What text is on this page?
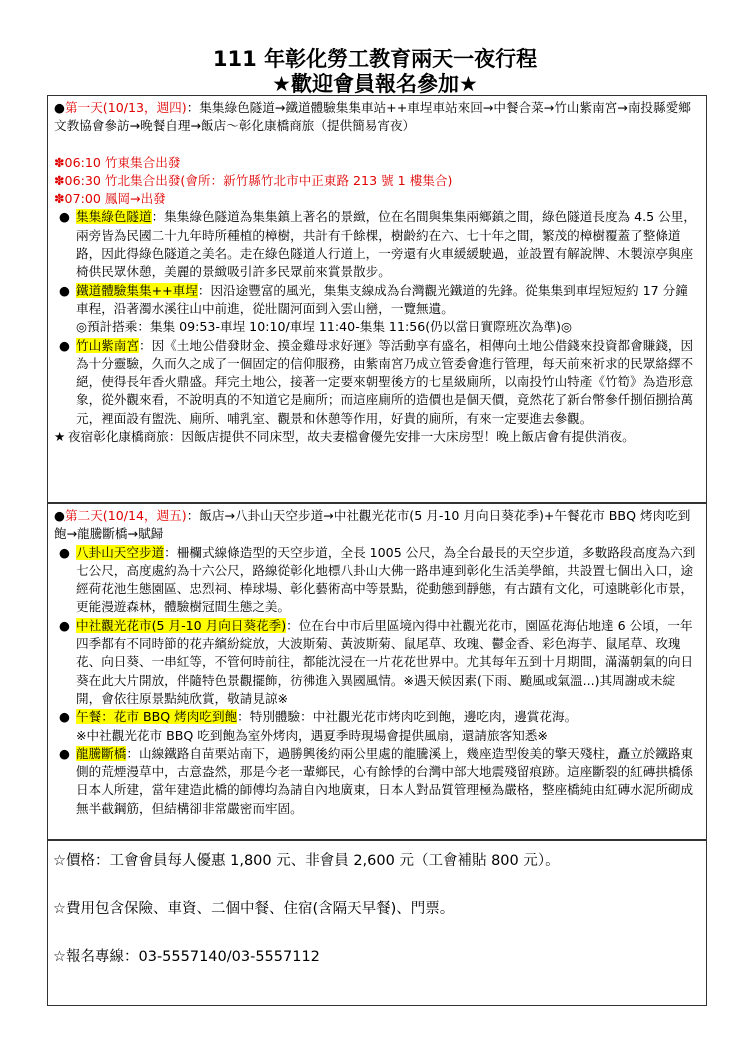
111 年彰化勞工教育兩天一夜行程
★歡迎會員報名參加★

●第一天(10/13，週四)：集集綠色隧道→鐵道體驗集集車站++車埕車站來回→中餐合菜→竹山紫南宮→南投縣愛鄉文教協會參訪→晚餐自理→飯店～彰化康橋商旅（提供簡易宵夜）

✽06:10 竹東集合出發

✽06:30 竹北集合出發(會所：新竹縣竹北市中正東路 213 號 1 樓集合)

✽07:00 鳳岡→出發

● 集集綠色隧道：集集綠色隧道為集集鎮上著名的景緻，位在名間與集集兩鄉鎮之間，綠色隧道長度為 4.5 公里，兩旁皆為民國二十九年時所種植的樟樹，共計有千餘棵，樹齡約在六、七十年之間，繁茂的樟樹覆蓋了整條道路，因此得綠色隧道之美名。走在綠色隧道人行道上，一旁還有火車緩緩駛過，並設置有解說牌、木製涼亭與座椅供民眾休憩，美麗的景緻吸引許多民眾前來賞景散步。

● 鐵道體驗集集++車埕：因沿途豐富的風光，集集支線成為台灣觀光鐵道的先鋒。從集集到車埕短短約 17 分鐘車程，沿著濁水溪往山中前進，從壯闊河面到入雲山巒，一覽無遺。

◎預計搭乘：集集 09:53-車埕 10:10/車埕 11:40-集集 11:56(仍以當日實際班次為準)◎

● 竹山紫南宮：因《土地公借發財金、摸金雞母求好運》等活動享有盛名，相傳向土地公借錢來投資都會賺錢，因為十分靈驗，久而久之成了一個固定的信仰服務，由紫南宮乃成立管委會進行管理，每天前來祈求的民眾絡繹不絕，使得長年香火鼎盛。拜完土地公，接著一定要來朝聖後方的七星級廁所，以南投竹山特產《竹筍》為造形意象，從外觀來看，不說明真的不知道它是廁所；而這座廁所的造價也是個天價，竟然花了新台幣參仟捌佰捌拾萬元，裡面設有盥洗、廁所、哺乳室、觀景和休憩等作用，好貴的廁所，有來一定要進去參觀。

★ 夜宿彰化康橋商旅：因飯店提供不同床型，故夫妻檔會優先安排一大床房型！晚上飯店會有提供消夜。

●第二天(10/14，週五)：飯店→八卦山天空步道→中社觀光花市(5 月-10 月向日葵花季)+午餐花市 BBQ 烤肉吃到飽→龍騰斷橋→賦歸

● 八卦山天空步道：柵欄式線條造型的天空步道，全長 1005 公尺，為全台最長的天空步道，多數路段高度為六到七公尺，高度處約為十六公尺，路線從彰化地標八卦山大佛一路串連到彰化生活美學館，共設置七個出入口，途經荷花池生態園區、忠烈祠、棒球場、彰化藝術高中等景點，從動態到靜態，有古蹟有文化，可遠眺彰化市景，更能漫遊森林，體驗樹冠間生態之美。

● 中社觀光花市(5 月-10 月向日葵花季)：位在台中市后里區境內得中社觀光花市，園區花海佔地達 6 公頃，一年四季都有不同時節的花卉繽紛綻放，大波斯菊、黃波斯菊、鼠尾草、玫瑰、鬱金香、彩色海芋、鼠尾草、玫瑰花、向日葵、一串紅等，不管何時前往，都能沈浸在一片花花世界中。尤其每年五到十月期間，滿滿朝氣的向日葵在此大片開放，伴隨特色景觀擺飾，彷彿進入異國風情。※遇天候因素(下雨、颱風或氣溫...)其周謝或未綻開，會依往原景點純欣賞，敬請見諒※

● 午餐：花市 BBQ 烤肉吃到飽：特別體驗：中社觀光花市烤肉吃到飽，邊吃肉，邊賞花海。

※中社觀光花市 BBQ 吃到飽為室外烤肉，遇夏季時現場會提供風扇，還請旅客知悉※

● 龍騰斷橋：山線鐵路自苗栗站南下，過勝興後約兩公里處的龍騰溪上，幾座造型俊美的擎天殘柱，矗立於鐵路東側的荒煙漫草中，古意盎然，那是今老一輩鄉民，心有餘悸的台灣中部大地震殘留痕跡。這座斷裂的紅磚拱橋係日本人所建，當年建造此橋的師傅均為請自內地廣東，日本人對品質管理極為嚴格，整座橋純由紅磚水泥所砌成無半截鋼筋，但結構卻非常嚴密而牢固。

☆價格：工會會員每人優惠 1,800 元、非會員 2,600 元（工會補貼 800 元）。
☆費用包含保險、車資、二個中餐、住宿(含隔天早餐)、門票。
☆報名專線：03-5557140/03-5557112
